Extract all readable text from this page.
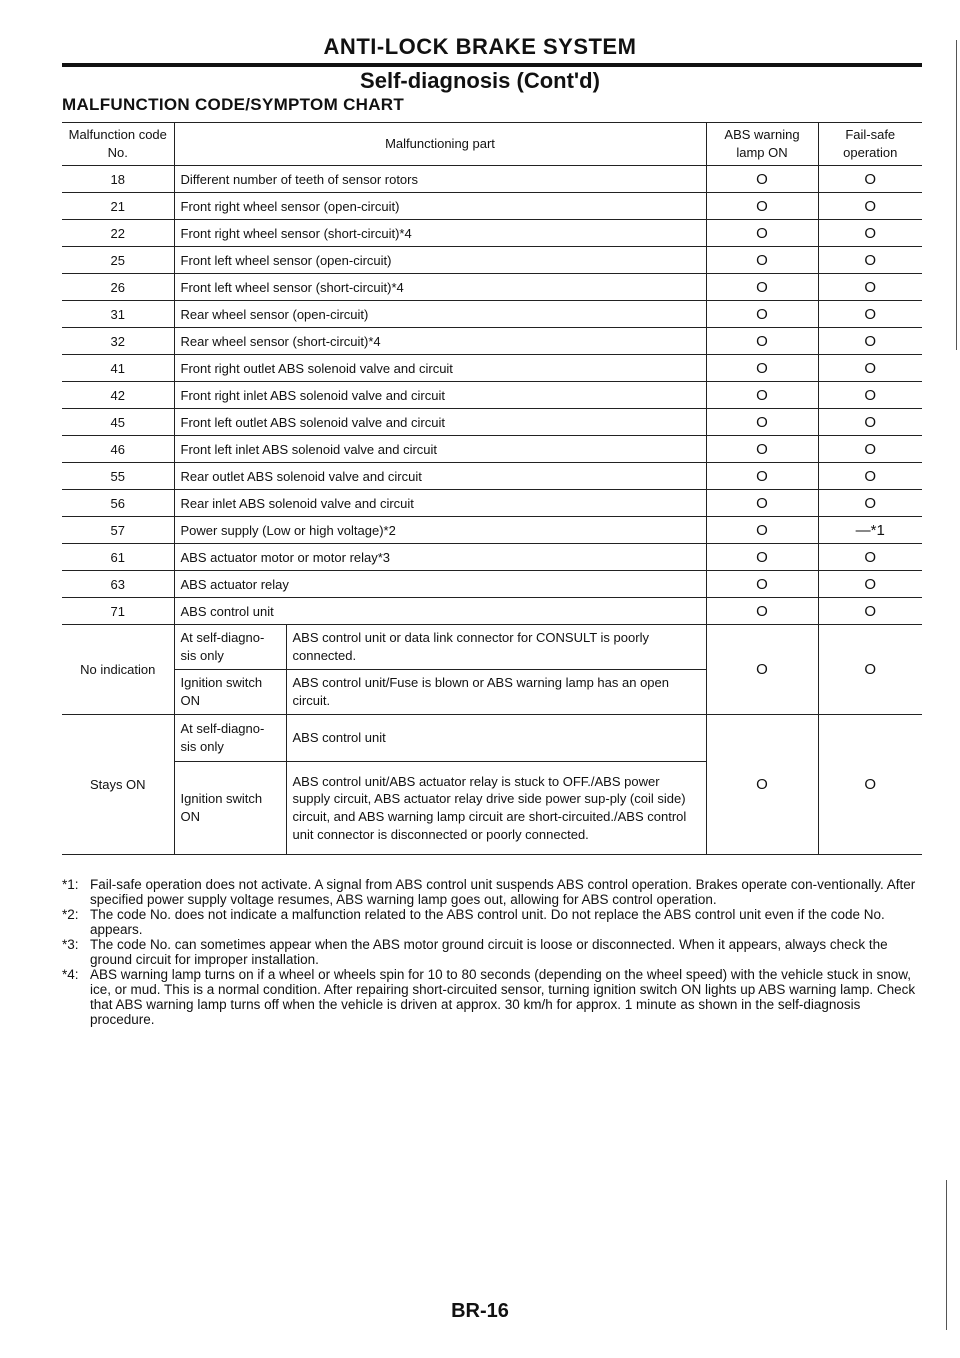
ANTI-LOCK BRAKE SYSTEM
Self-diagnosis (Cont'd)
MALFUNCTION CODE/SYMPTOM CHART
Malfunction code No.	Malfunctioning part		ABS warning lamp ON	Fail-safe operation
18	Different number of teeth of sensor rotors		O	O
21	Front right wheel sensor (open-circuit)		O	O
22	Front right wheel sensor (short-circuit)*4		O	O
25	Front left wheel sensor (open-circuit)		O	O
26	Front left wheel sensor (short-circuit)*4		O	O
31	Rear wheel sensor (open-circuit)		O	O
32	Rear wheel sensor (short-circuit)*4		O	O
41	Front right outlet ABS solenoid valve and circuit		O	O
42	Front right inlet ABS solenoid valve and circuit		O	O
45	Front left outlet ABS solenoid valve and circuit		O	O
46	Front left inlet ABS solenoid valve and circuit		O	O
55	Rear outlet ABS solenoid valve and circuit		O	O
56	Rear inlet ABS solenoid valve and circuit		O	O
57	Power supply (Low or high voltage)*2		O	—*1
61	ABS actuator motor or motor relay*3		O	O
63	ABS actuator relay		O	O
71	ABS control unit		O	O
No indication	At self-diagno-sis only	ABS control unit or data link connector for CONSULT is poorly connected.	O	O
	Ignition switch ON	ABS control unit/Fuse is blown or ABS warning lamp has an open circuit.		
Stays ON	At self-diagno-sis only	ABS control unit	O	O
	Ignition switch ON	ABS control unit/ABS actuator relay is stuck to OFF./ABS power supply circuit, ABS actuator relay drive side power sup-ply (coil side) circuit, and ABS warning lamp circuit are short-circuited./ABS control unit connector is disconnected or poorly connected.		
*1: Fail-safe operation does not activate. A signal from ABS control unit suspends ABS control operation. Brakes operate con-ventionally. After specified power supply voltage resumes, ABS warning lamp goes out, allowing for ABS control operation.
*2: The code No. does not indicate a malfunction related to the ABS control unit. Do not replace the ABS control unit even if the code No. appears.
*3: The code No. can sometimes appear when the ABS motor ground circuit is loose or disconnected. When it appears, always check the ground circuit for improper installation.
*4: ABS warning lamp turns on if a wheel or wheels spin for 10 to 80 seconds (depending on the wheel speed) with the vehicle stuck in snow, ice, or mud. This is a normal condition. After repairing short-circuited sensor, turning ignition switch ON lights up ABS warning lamp. Check that ABS warning lamp turns off when the vehicle is driven at approx. 30 km/h for approx. 1 minute as shown in the self-diagnosis procedure.
BR-16
